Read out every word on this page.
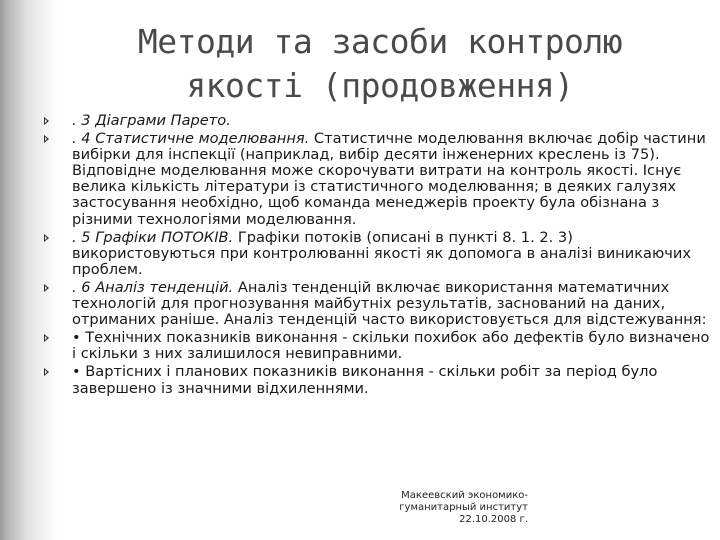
Методи та засоби контролю
якості (продовження)
. 3 Діаграми Парето.
. 4 Статистичне моделювання. Статистичне моделювання включає добір частини вибірки для інспекції (наприклад, вибір десяти інженерних креслень із 75). Відповідне моделювання може скорочувати витрати на контроль якості. Існує велика кількість літератури із статистичного моделювання; в деяких галузях застосування необхідно, щоб команда менеджерів проекту була обізнана з різними технологіями моделювання.
. 5 Графіки ПОТОКІВ. Графіки потоків (описані в пункті 8. 1. 2. 3) використовуються при контролюванні якості як допомога в аналізі виникаючих проблем.
. 6 Аналіз тенденцій. Аналіз тенденцій включає використання математичних технологій для прогнозування майбутніх результатів, заснований на даних, отриманих раніше. Аналіз тенденцій часто використовується для відстежування:
• Технічних показників виконання - скільки похибок або дефектів було визначено і скільки з них залишилося невиправними.
• Вартісних і планових показників виконання - скільки робіт за період було завершено із значними відхиленнями.
Макеевский экономико-
гуманитарный институт
22.10.2008 г.
